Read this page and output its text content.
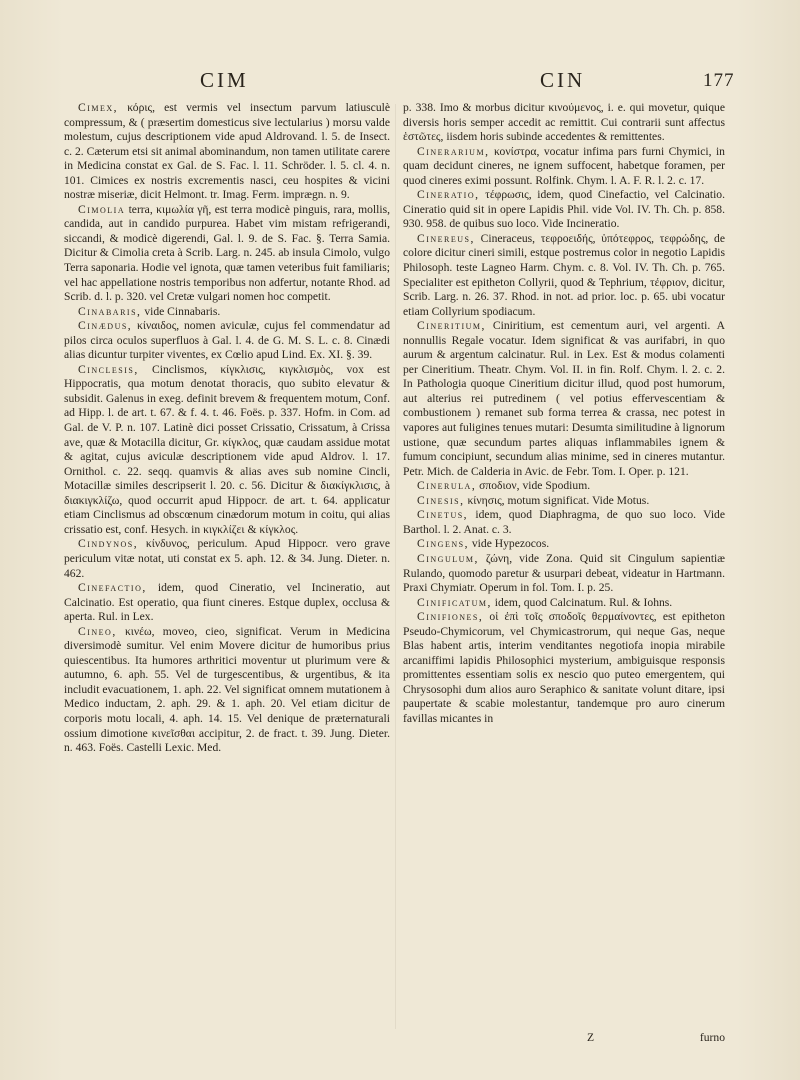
CIM	CIN	177

Cimex, κόρις, est vermis vel insectum parvum latiusculè compressum, & ( præsertim domesticus sive lectularius ) morsu valde molestum, cujus descriptionem vide apud Aldrovand. l. 5. de Insect. c. 2. Cæterum etsi sit animal abominandum, non tamen utilitate carere in Medicina constat ex Gal. de S. Fac. l. 11. Schröder. l. 5. cl. 4. n. 101. Cimices ex nostris excrementis nasci, ceu hospites & vicini nostræ miseriæ, dicit Helmont. tr. Imag. Ferm. imprægn. n. 9.

Cimolia terra, κιμωλία γῆ, est terra modicè pinguis, rara, mollis, candida, aut in candido purpurea. Habet vim mistam refrigerandi, siccandi, & modicè digerendi, Gal. l. 9. de S. Fac. §. Terra Samia. Dicitur & Cimolia creta à Scrib. Larg. n. 245. ab insula Cimolo, vulgo Terra saponaria. Hodie vel ignota, quæ tamen veteribus fuit familiaris; vel hac appellatione nostris temporibus non adfertur, notante Rhod. ad Scrib. d. l. p. 320. vel Cretæ vulgari nomen hoc competit.

Cinabaris, vide Cinnabaris.

Cinædus, κίναιδος, nomen aviculæ, cujus fel commendatur ad pilos circa oculos superfluos à Gal. l. 4. de G. M. S. L. c. 8. Cinædi alias dicuntur turpiter viventes, ex Cœlio apud Lind. Ex. XI. §. 39.

Cinclesis, Cinclismos, κίγκλισις, κιγκλισμὸς, vox est Hippocratis, qua motum denotat thoracis, quo subito elevatur & subsidit. Galenus in exeg. definit brevem & frequentem motum, Conf. ad Hipp. l. de art. t. 67. & f. 4. t. 46. Foës. p. 337. Hofm. in Com. ad Gal. de V. P. n. 107. Latinè dici posset Crissatio, Crissatum, à Crissa ave, quæ & Motacilla dicitur, Gr. κίγκλος, quæ caudam assidue motat & agitat, cujus aviculæ descriptionem vide apud Aldrov. l. 17. Ornithol. c. 22. seqq. quamvis & alias aves sub nomine Cincli, Motacillæ similes descripserit l. 20. c. 56. Dicitur & διακίγκλισις, à διακιγκλίζω, quod occurrit apud Hippocr. de art. t. 64. applicatur etiam Cinclismus ad obscœnum cinædorum motum in coitu, qui alias crissatio est, conf. Hesych. in κιγκλίζει & κίγκλος.

Cindynos, κίνδυνος, periculum. Apud Hippocr. vero grave periculum vitæ notat, uti constat ex 5. aph. 12. & 34. Jung. Dieter. n. 462.

Cinefactio, idem, quod Cineratio, vel Incineratio, aut Calcinatio. Est operatio, qua fiunt cineres. Estque duplex, occlusa & aperta. Rul. in Lex.

Cineo, κινέω, moveo, cieo, significat. Verum in Medicina diversimodè sumitur. Vel enim Movere dicitur de humoribus prius quiescentibus. Ita humores arthritici moventur ut plurimum vere & autumno, 6. aph. 55. Vel de turgescentibus, & urgentibus, & ita includit evacuationem, 1. aph. 22. Vel significat omnem mutationem à Medico inductam, 2. aph. 29. & 1. aph. 20. Vel etiam dicitur de corporis motu locali, 4. aph. 14. 15. Vel denique de præternaturali ossium dimotione κινεῖσθαι accipitur, 2. de fract. t. 39. Jung. Dieter. n. 463. Foës. Castelli Lexic. Med.

p. 338. Imo & morbus dicitur κινούμενος, i. e. qui movetur, quique diversis horis semper accedit ac remittit. Cui contrarii sunt affectus ἑστῶτες, iisdem horis subinde accedentes & remittentes.

Cinerarium, κονίστρα, vocatur infima pars furni Chymici, in quam decidunt cineres, ne ignem suffocent, habetque foramen, per quod cineres eximi possunt. Rolfink. Chym. l. A. F. R. l. 2. c. 17.

Cineratio, τέφρωσις, idem, quod Cinefactio, vel Calcinatio. Cineratio quid sit in opere Lapidis Phil. vide Vol. IV. Th. Ch. p. 858. 930. 958. de quibus suo loco. Vide Incineratio.

Cinereus, Cineraceus, τεφροειδής, ὑπότεφρος, τεφρώδης, de colore dicitur cineri simili, estque postremus color in negotio Lapidis Philosoph. teste Lagneo Harm. Chym. c. 8. Vol. IV. Th. Ch. p. 765. Specialiter est epitheton Collyrii, quod & Tephrium, τέφριον, dicitur, Scrib. Larg. n. 26. 37. Rhod. in not. ad prior. loc. p. 65. ubi vocatur etiam Collyrium spodiacum.

Cineritium, Ciniritium, est cementum auri, vel argenti. A nonnullis Regale vocatur. Idem significat & vas aurifabri, in quo aurum & argentum calcinatur. Rul. in Lex. Est & modus colamenti per Cineritium. Theatr. Chym. Vol. II. in fin. Rolf. Chym. l. 2. c. 2. In Pathologia quoque Cineritium dicitur illud, quod post humorum, aut alterius rei putredinem ( vel potius effervescentiam & combustionem ) remanet sub forma terrea & crassa, nec potest in vapores aut fuligines tenues mutari: Desumta similitudine à lignorum ustione, quæ secundum partes aliquas inflammabiles ignem & fumum concipiunt, secundum alias minime, sed in cineres mutantur. Petr. Mich. de Calderia in Avic. de Febr. Tom. I. Oper. p. 121.

Cinerula, σποδιον, vide Spodium.

Cinesis, κίνησις, motum significat. Vide Motus.

Cinetus, idem, quod Diaphragma, de quo suo loco. Vide Barthol. l. 2. Anat. c. 3.

Cingens, vide Hypezocos.

Cingulum, ζώνη, vide Zona. Quid sit Cingulum sapientiæ Rulando, quomodo paretur & usurpari debeat, videatur in Hartmann. Praxi Chymiatr. Operum in fol. Tom. I. p. 25.

Cinificatum, idem, quod Calcinatum. Rul. & Iohns.

Cinifiones, οἱ ἐπὶ τοῖς σποδοῖς θερμαίνοντες, est epitheton Pseudo-Chymicorum, vel Chymicastrorum, qui neque Gas, neque Blas habent artis, interim venditantes negotiofa inopia mirabile arcaniffimi lapidis Philosophici mysterium, ambiguisque responsis promittentes essentiam solis ex nescio quo puteo emergentem, qui Chrysosophi dum alios auro Seraphico & sanitate volunt ditare, ipsi paupertate & scabie molestantur, tandemque pro auro cinerum favillas micantes in

Z	furno
